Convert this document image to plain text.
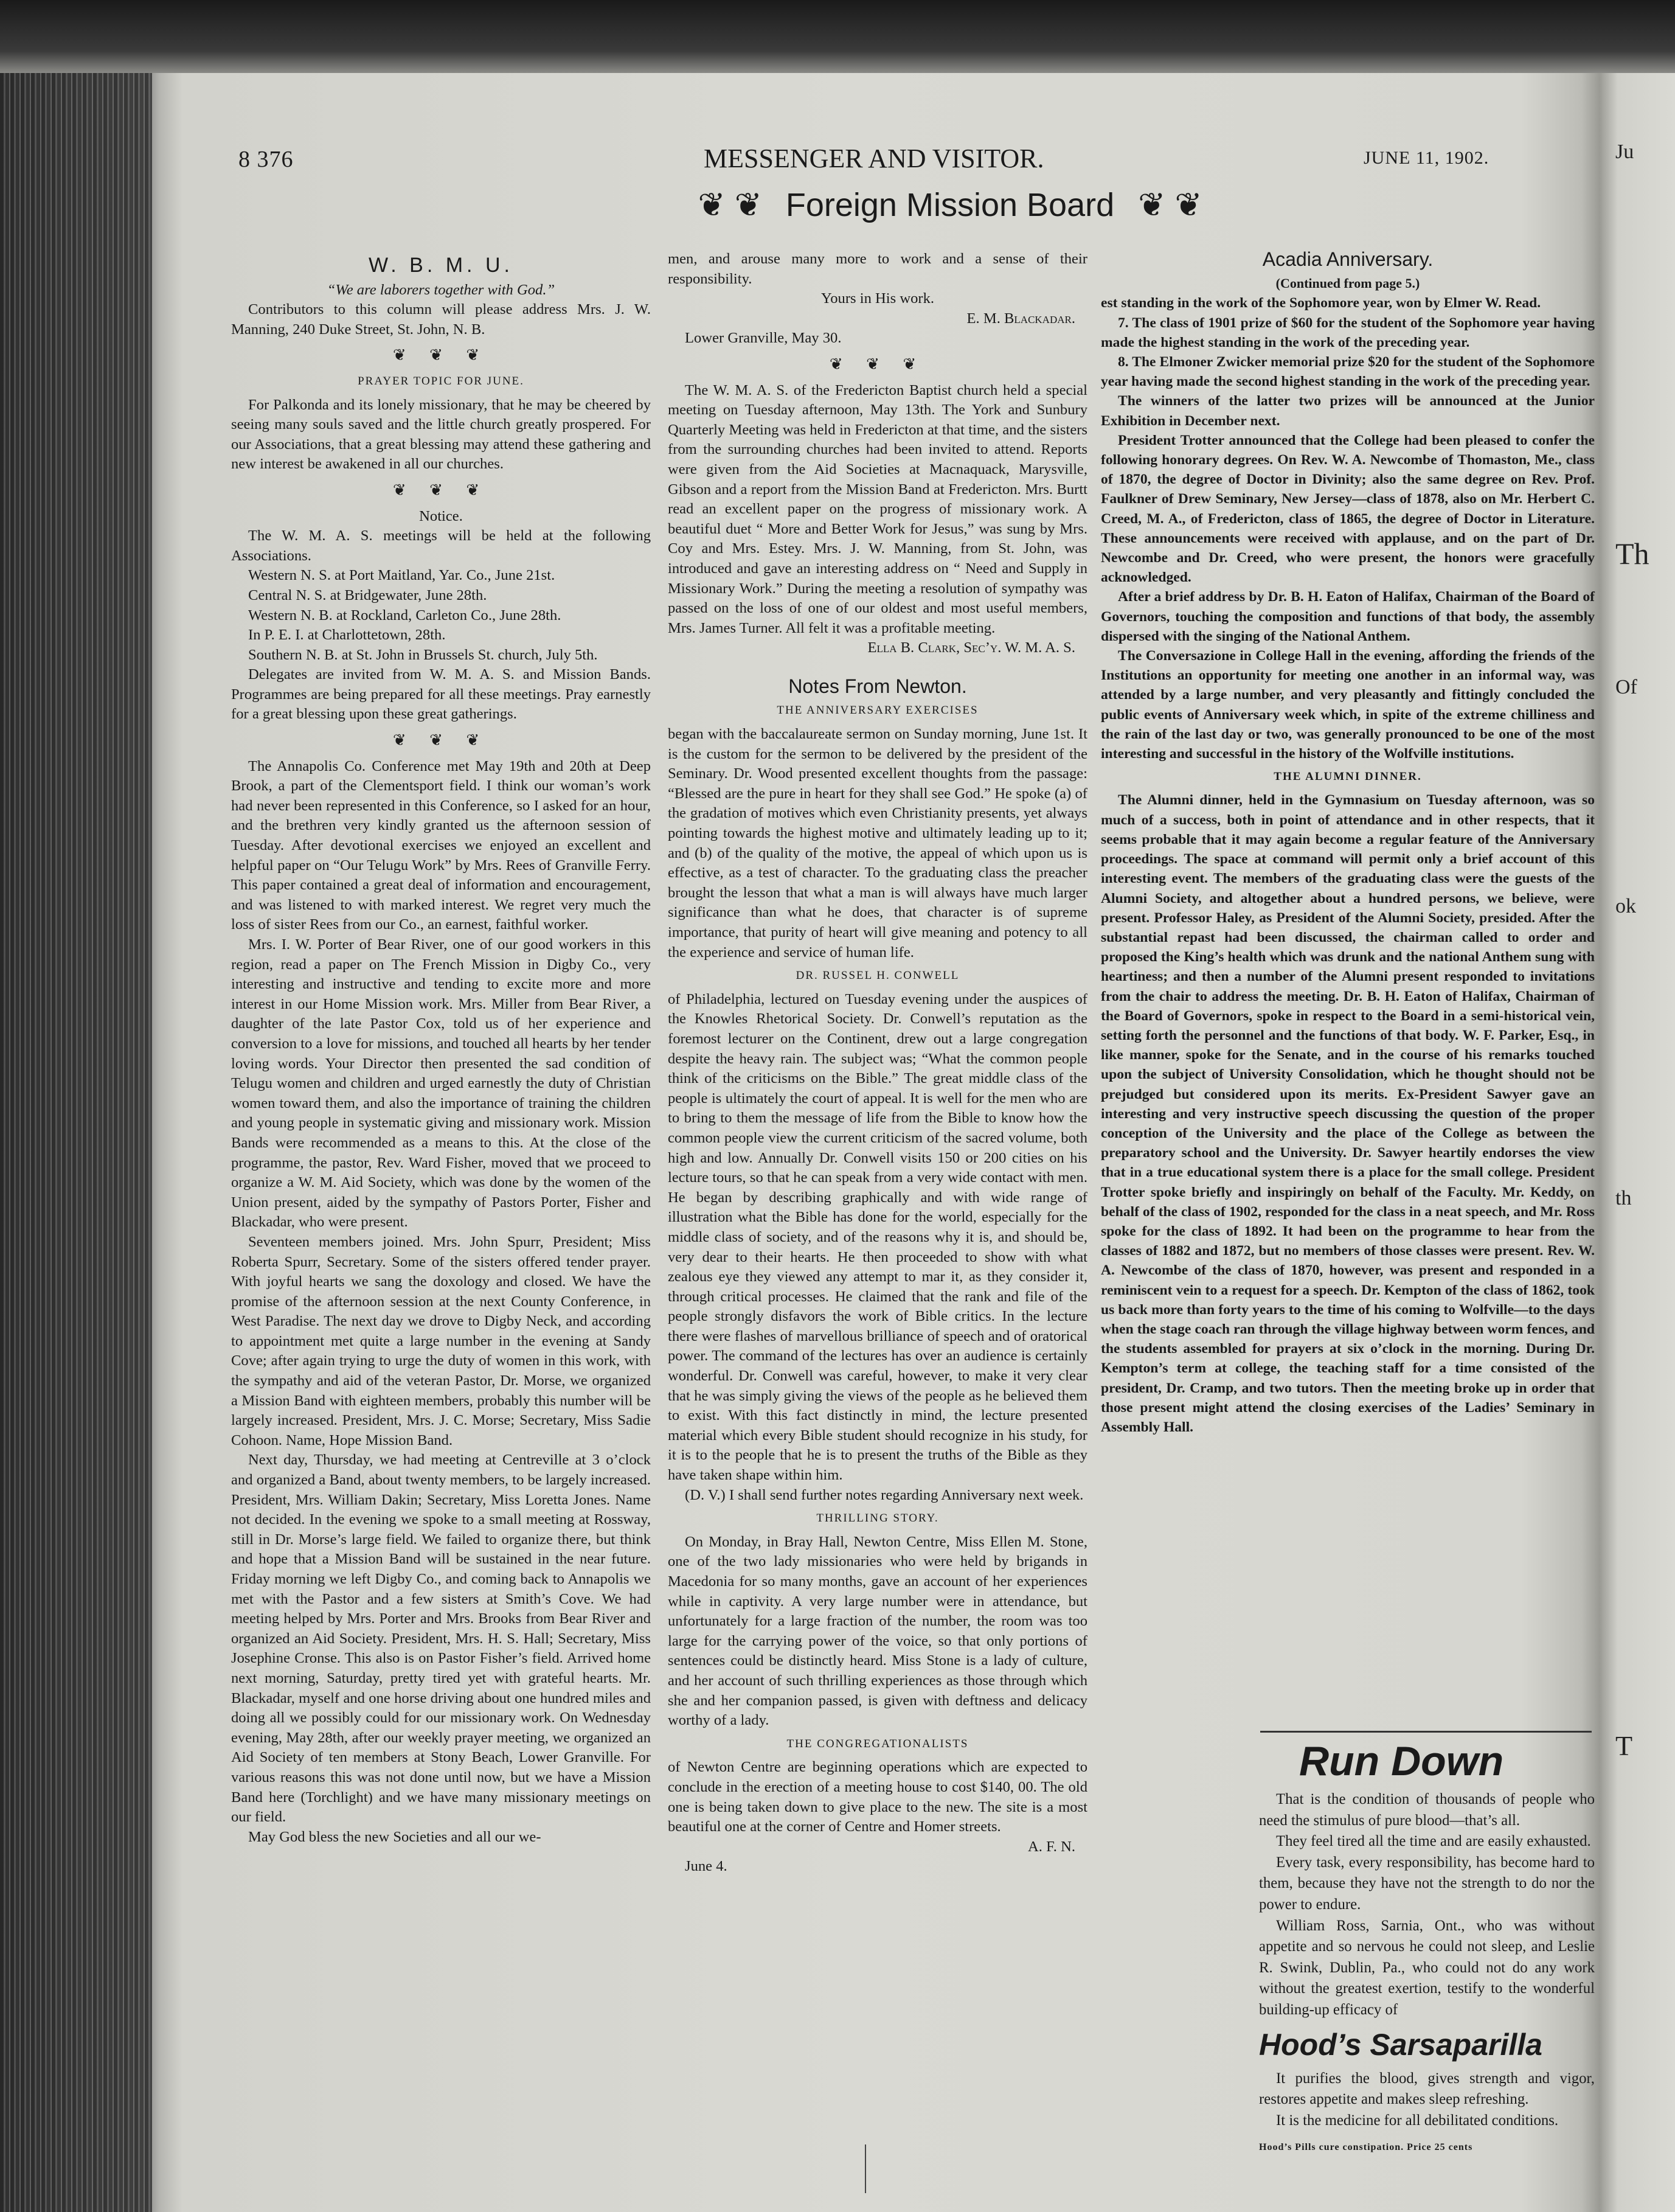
8 376	MESSENGER AND VISITOR.	JUNE 11, 1902.
❦ ❦ Foreign Mission Board ❦ ❦
W. B. M. U.

“We are laborers together with God.”

Contributors to this column will please address Mrs. J. W. Manning, 240 Duke Street, St. John, N. B.

❦ ❦ ❦
PRAYER TOPIC FOR JUNE.

For Palkonda and its lonely missionary, that he may be cheered by seeing many souls saved and the little church greatly prospered. For our Associations, that a great blessing may attend these gathering and new interest be awakened in all our churches.

❦ ❦ ❦

Notice.

The W. M. A. S. meetings will be held at the following Associations.

Western N. S. at Port Maitland, Yar. Co., June 21st.

Central N. S. at Bridgewater, June 28th.

Western N. B. at Rockland, Carleton Co., June 28th.

In P. E. I. at Charlottetown, 28th.

Southern N. B. at St. John in Brussels St. church, July 5th.

Delegates are invited from W. M. A. S. and Mission Bands. Programmes are being prepared for all these meetings. Pray earnestly for a great blessing upon these great gatherings.

❦ ❦ ❦

The Annapolis Co. Conference met May 19th and 20th at Deep Brook, a part of the Clementsport field. I think our woman’s work had never been represented in this Conference, so I asked for an hour, and the brethren very kindly granted us the afternoon session of Tuesday. After devotional exercises we enjoyed an excellent and helpful paper on “Our Telugu Work” by Mrs. Rees of Granville Ferry. This paper contained a great deal of information and encouragement, and was listened to with marked interest. We regret very much the loss of sister Rees from our Co., an earnest, faithful worker.

Mrs. I. W. Porter of Bear River, one of our good workers in this region, read a paper on The French Mission in Digby Co., very interesting and instructive and tending to excite more and more interest in our Home Mission work. Mrs. Miller from Bear River, a daughter of the late Pastor Cox, told us of her experience and conversion to a love for missions, and touched all hearts by her tender loving words. Your Director then presented the sad condition of Telugu women and children and urged earnestly the duty of Christian women toward them, and also the importance of training the children and young people in systematic giving and missionary work. Mission Bands were recommended as a means to this. At the close of the programme, the pastor, Rev. Ward Fisher, moved that we proceed to organize a W. M. Aid Society, which was done by the women of the Union present, aided by the sympathy of Pastors Porter, Fisher and Blackadar, who were present.

Seventeen members joined. Mrs. John Spurr, President; Miss Roberta Spurr, Secretary. Some of the sisters offered tender prayer. With joyful hearts we sang the doxology and closed. We have the promise of the afternoon session at the next County Conference, in West Paradise. The next day we drove to Digby Neck, and according to appointment met quite a large number in the evening at Sandy Cove; after again trying to urge the duty of women in this work, with the sympathy and aid of the veteran Pastor, Dr. Morse, we organized a Mission Band with eighteen members, probably this number will be largely increased. President, Mrs. J. C. Morse; Secretary, Miss Sadie Cohoon. Name, Hope Mission Band.

Next day, Thursday, we had meeting at Centreville at 3 o’clock and organized a Band, about twenty members, to be largely increased. President, Mrs. William Dakin; Secretary, Miss Loretta Jones. Name not decided. In the evening we spoke to a small meeting at Rossway, still in Dr. Morse’s large field. We failed to organize there, but think and hope that a Mission Band will be sustained in the near future. Friday morning we left Digby Co., and coming back to Annapolis we met with the Pastor and a few sisters at Smith’s Cove. We had meeting helped by Mrs. Porter and Mrs. Brooks from Bear River and organized an Aid Society. President, Mrs. H. S. Hall; Secretary, Miss Josephine Cronse. This also is on Pastor Fisher’s field. Arrived home next morning, Saturday, pretty tired yet with grateful hearts. Mr. Blackadar, myself and one horse driving about one hundred miles and doing all we possibly could for our missionary work. On Wednesday evening, May 28th, after our weekly prayer meeting, we organized an Aid Society of ten members at Stony Beach, Lower Granville. For various reasons this was not done until now, but we have a Mission Band here (Torchlight) and we have many missionary meetings on our field.

May God bless the new Societies and all our we-

men, and arouse many more to work and a sense of their responsibility.

Yours in His work.

E. M. Blackadar.

Lower Granville, May 30.

❦ ❦ ❦

The W. M. A. S. of the Fredericton Baptist church held a special meeting on Tuesday afternoon, May 13th. The York and Sunbury Quarterly Meeting was held in Fredericton at that time, and the sisters from the surrounding churches had been invited to attend. Reports were given from the Aid Societies at Macnaquack, Marysville, Gibson and a report from the Mission Band at Fredericton. Mrs. Burtt read an excellent paper on the progress of missionary work. A beautiful duet “ More and Better Work for Jesus,” was sung by Mrs. Coy and Mrs. Estey. Mrs. J. W. Manning, from St. John, was introduced and gave an interesting address on “ Need and Supply in Missionary Work.” During the meeting a resolution of sympathy was passed on the loss of one of our oldest and most useful members, Mrs. James Turner. All felt it was a profitable meeting.

Ella B. Clark, Sec’y. W. M. A. S.

Notes From Newton.
THE ANNIVERSARY EXERCISES

began with the baccalaureate sermon on Sunday morning, June 1st. It is the custom for the sermon to be delivered by the president of the Seminary. Dr. Wood presented excellent thoughts from the passage: “Blessed are the pure in heart for they shall see God.” He spoke (a) of the gradation of motives which even Christianity presents, yet always pointing towards the highest motive and ultimately leading up to it; and (b) of the quality of the motive, the appeal of which upon us is effective, as a test of character. To the graduating class the preacher brought the lesson that what a man is will always have much larger significance than what he does, that character is of supreme importance, that purity of heart will give meaning and potency to all the experience and service of human life.

DR. RUSSEL H. CONWELL

of Philadelphia, lectured on Tuesday evening under the auspices of the Knowles Rhetorical Society. Dr. Conwell’s reputation as the foremost lecturer on the Continent, drew out a large congregation despite the heavy rain. The subject was; “What the common people think of the criticisms on the Bible.” The great middle class of the people is ultimately the court of appeal. It is well for the men who are to bring to them the message of life from the Bible to know how the common people view the current criticism of the sacred volume, both high and low. Annually Dr. Conwell visits 150 or 200 cities on his lecture tours, so that he can speak from a very wide contact with men. He began by describing graphically and with wide range of illustration what the Bible has done for the world, especially for the middle class of society, and of the reasons why it is, and should be, very dear to their hearts. He then proceeded to show with what zealous eye they viewed any attempt to mar it, as they consider it, through critical processes. He claimed that the rank and file of the people strongly disfavors the work of Bible critics. In the lecture there were flashes of marvellous brilliance of speech and of oratorical power. The command of the lectures has over an audience is certainly wonderful. Dr. Conwell was careful, however, to make it very clear that he was simply giving the views of the people as he believed them to exist. With this fact distinctly in mind, the lecture presented material which every Bible student should recognize in his study, for it is to the people that he is to present the truths of the Bible as they have taken shape within him.

(D. V.) I shall send further notes regarding Anniversary next week.

THRILLING STORY.

On Monday, in Bray Hall, Newton Centre, Miss Ellen M. Stone, one of the two lady missionaries who were held by brigands in Macedonia for so many months, gave an account of her experiences while in captivity. A very large number were in attendance, but unfortunately for a large fraction of the number, the room was too large for the carrying power of the voice, so that only portions of sentences could be distinctly heard. Miss Stone is a lady of culture, and her account of such thrilling experiences as those through which she and her companion passed, is given with deftness and delicacy worthy of a lady.

THE CONGREGATIONALISTS

of Newton Centre are beginning operations which are expected to conclude in the erection of a meeting house to cost $140, 00. The old one is being taken down to give place to the new. The site is a most beautiful one at the corner of Centre and Homer streets.

A. F. N.

June 4.

Acadia Anniversary.

(Continued from page 5.)

est standing in the work of the Sophomore year, won by Elmer W. Read.

7. The class of 1901 prize of $60 for the student of the Sophomore year having made the highest standing in the work of the preceding year.

8. The Elmoner Zwicker memorial prize $20 for the student of the Sophomore year having made the second highest standing in the work of the preceding year.

The winners of the latter two prizes will be announced at the Junior Exhibition in December next.

President Trotter announced that the College had been pleased to confer the following honorary degrees. On Rev. W. A. Newcombe of Thomaston, Me., class of 1870, the degree of Doctor in Divinity; also the same degree on Rev. Prof. Faulkner of Drew Seminary, New Jersey—class of 1878, also on Mr. Herbert C. Creed, M. A., of Fredericton, class of 1865, the degree of Doctor in Literature. These announcements were received with applause, and on the part of Dr. Newcombe and Dr. Creed, who were present, the honors were gracefully acknowledged.

After a brief address by Dr. B. H. Eaton of Halifax, Chairman of the Board of Governors, touching the composition and functions of that body, the assembly dispersed with the singing of the National Anthem.

The Conversazione in College Hall in the evening, affording the friends of the Institutions an opportunity for meeting one another in an informal way, was attended by a large number, and very pleasantly and fittingly concluded the public events of Anniversary week which, in spite of the extreme chilliness and the rain of the last day or two, was generally pronounced to be one of the most interesting and successful in the history of the Wolfville institutions.

THE ALUMNI DINNER.

The Alumni dinner, held in the Gymnasium on Tuesday afternoon, was so much of a success, both in point of attendance and in other respects, that it seems probable that it may again become a regular feature of the Anniversary proceedings. The space at command will permit only a brief account of this interesting event. The members of the graduating class were the guests of the Alumni Society, and altogether about a hundred persons, we believe, were present. Professor Haley, as President of the Alumni Society, presided. After the substantial repast had been discussed, the chairman called to order and proposed the King’s health which was drunk and the national Anthem sung with heartiness; and then a number of the Alumni present responded to invitations from the chair to address the meeting. Dr. B. H. Eaton of Halifax, Chairman of the Board of Governors, spoke in respect to the Board in a semi-historical vein, setting forth the personnel and the functions of that body. W. F. Parker, Esq., in like manner, spoke for the Senate, and in the course of his remarks touched upon the subject of University Consolidation, which he thought should not be prejudged but considered upon its merits. Ex-President Sawyer gave an interesting and very instructive speech discussing the question of the proper conception of the University and the place of the College as between the preparatory school and the University. Dr. Sawyer heartily endorses the view that in a true educational system there is a place for the small college. President Trotter spoke briefly and inspiringly on behalf of the Faculty. Mr. Keddy, on behalf of the class of 1902, responded for the class in a neat speech, and Mr. Ross spoke for the class of 1892. It had been on the programme to hear from the classes of 1882 and 1872, but no members of those classes were present. Rev. W. A. Newcombe of the class of 1870, however, was present and responded in a reminiscent vein to a request for a speech. Dr. Kempton of the class of 1862, took us back more than forty years to the time of his coming to Wolfville—to the days when the stage coach ran through the village highway between worm fences, and the students assembled for prayers at six o’clock in the morning. During Dr. Kempton’s term at college, the teaching staff for a time consisted of the president, Dr. Cramp, and two tutors. Then the meeting broke up in order that those present might attend the closing exercises of the Ladies’ Seminary in Assembly Hall.

Run Down

That is the condition of thousands of people who need the stimulus of pure blood—that’s all.

They feel tired all the time and are easily exhausted.

Every task, every responsibility, has become hard to them, because they have not the strength to do nor the power to endure.

William Ross, Sarnia, Ont., who was without appetite and so nervous he could not sleep, and Leslie R. Swink, Dublin, Pa., who could not do any work without the greatest exertion, testify to the wonderful building-up efficacy of

Hood’s Sarsaparilla

It purifies the blood, gives strength and vigor, restores appetite and makes sleep refreshing.

It is the medicine for all debilitated conditions.

Hood’s Pills cure constipation. Price 25 cents

Ju
Th
Of
ok
th
T
